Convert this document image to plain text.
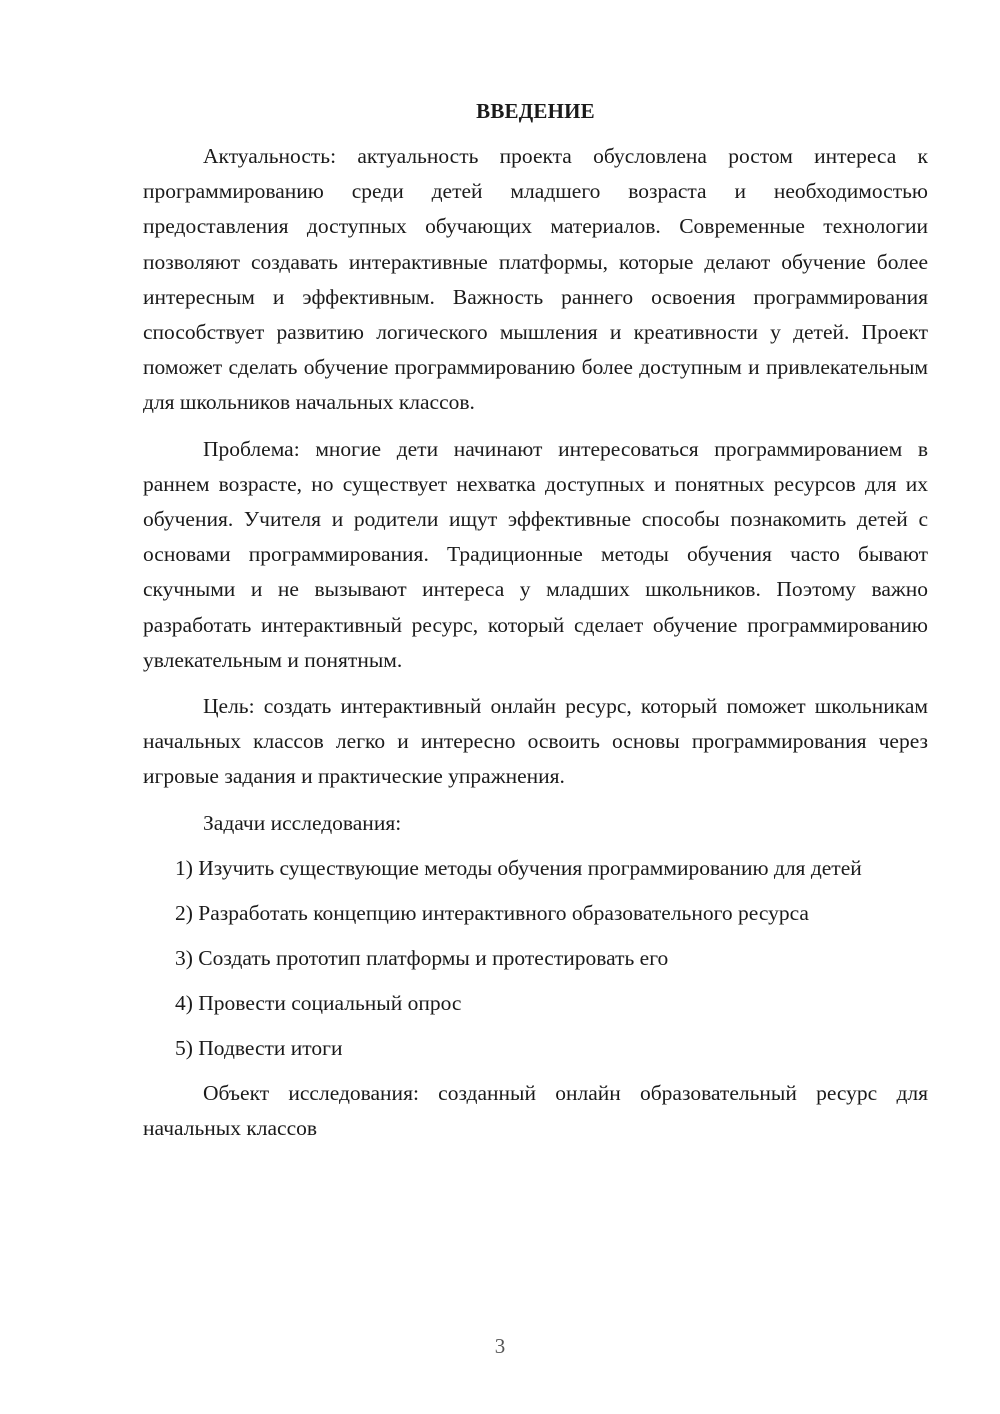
ВВЕДЕНИЕ

Актуальность: актуальность проекта обусловлена ростом интереса к программированию среди детей младшего возраста и необходимостью предоставления доступных обучающих материалов. Современные технологии позволяют создавать интерактивные платформы, которые делают обучение более интересным и эффективным. Важность раннего освоения программирования способствует развитию логического мышления и креативности у детей. Проект поможет сделать обучение программированию более доступным и привлекательным для школьников начальных классов.

Проблема: многие дети начинают интересоваться программированием в раннем возрасте, но существует нехватка доступных и понятных ресурсов для их обучения. Учителя и родители ищут эффективные способы познакомить детей с основами программирования. Традиционные методы обучения часто бывают скучными и не вызывают интереса у младших школьников. Поэтому важно разработать интерактивный ресурс, который сделает обучение программированию увлекательным и понятным.

Цель: создать интерактивный онлайн ресурс, который поможет школьникам начальных классов легко и интересно освоить основы программирования через игровые задания и практические упражнения.

Задачи исследования:

1) Изучить существующие методы обучения программированию для детей

2) Разработать концепцию интерактивного образовательного ресурса

3) Создать прототип платформы и протестировать его

4) Провести социальный опрос

5) Подвести итоги

Объект исследования: созданный онлайн образовательный ресурс для начальных классов

3
